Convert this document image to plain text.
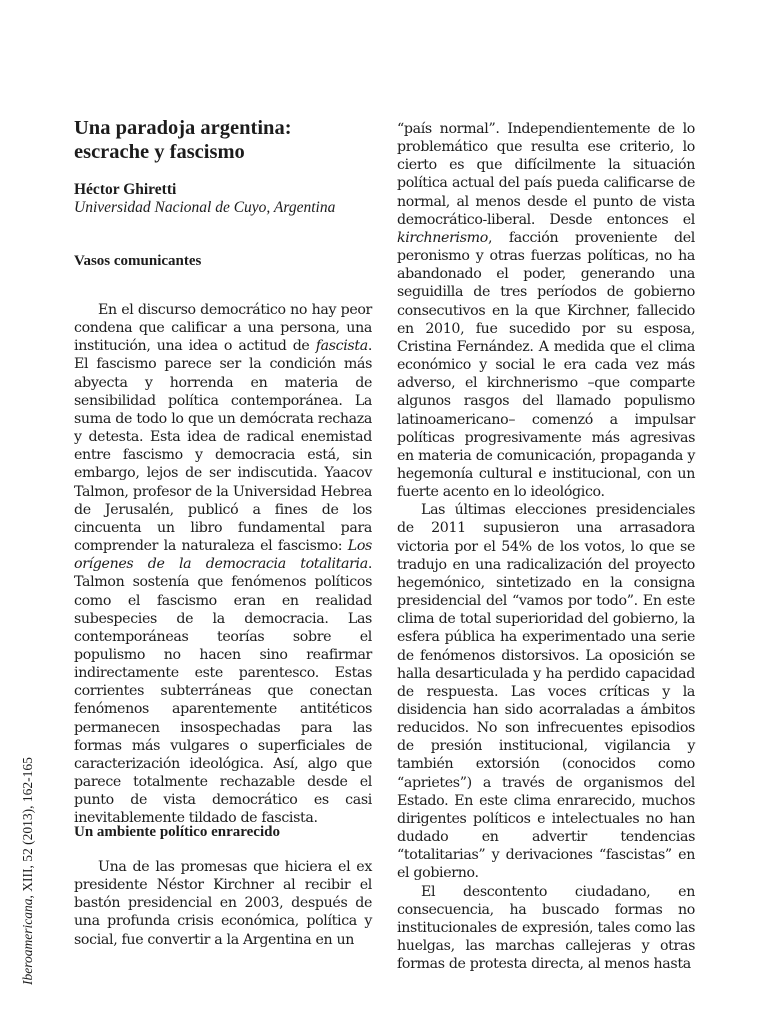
Una paradoja argentina:
escrache y fascismo
Héctor Ghiretti
Universidad Nacional de Cuyo, Argentina
Vasos comunicantes

En el discurso democrático no hay peor condena que calificar a una persona, una institución, una idea o actitud de fascista. El fascismo parece ser la condición más abyecta y horrenda en materia de sensibilidad política contemporánea. La suma de todo lo que un demócrata rechaza y detesta. Esta idea de radical enemistad entre fascismo y democracia está, sin embargo, lejos de ser indiscutida. Yaacov Talmon, profesor de la Universidad Hebrea de Jerusalén, publicó a fines de los cincuenta un libro fundamental para comprender la naturaleza el fascismo: Los orígenes de la democracia totalitaria. Talmon sostenía que fenómenos políticos como el fascismo eran en realidad subespecies de la democracia. Las contemporáneas teorías sobre el populismo no hacen sino reafirmar indirectamente este parentesco. Estas corrientes subterráneas que conectan fenómenos aparentemente antitéticos permanecen insospechadas para las formas más vulgares o superficiales de caracterización ideológica. Así, algo que parece totalmente rechazable desde el punto de vista democrático es casi inevitablemente tildado de fascista.

Un ambiente político enrarecido

Una de las promesas que hiciera el ex presidente Néstor Kirchner al recibir el bastón presidencial en 2003, después de una profunda crisis económica, política y social, fue convertir a la Argentina en un

“país normal”. Independientemente de lo problemático que resulta ese criterio, lo cierto es que difícilmente la situación política actual del país pueda calificarse de normal, al menos desde el punto de vista democrático-liberal. Desde entonces el kirchnerismo, facción proveniente del peronismo y otras fuerzas políticas, no ha abandonado el poder, generando una seguidilla de tres períodos de gobierno consecutivos en la que Kirchner, fallecido en 2010, fue sucedido por su esposa, Cristina Fernández. A medida que el clima económico y social le era cada vez más adverso, el kirchnerismo –que comparte algunos rasgos del llamado populismo latinoamericano– comenzó a impulsar políticas progresivamente más agresivas en materia de comunicación, propaganda y hegemonía cultural e institucional, con un fuerte acento en lo ideológico.

Las últimas elecciones presidenciales de 2011 supusieron una arrasadora victoria por el 54% de los votos, lo que se tradujo en una radicalización del proyecto hegemónico, sintetizado en la consigna presidencial del “vamos por todo”. En este clima de total superioridad del gobierno, la esfera pública ha experimentado una serie de fenómenos distorsivos. La oposición se halla desarticulada y ha perdido capacidad de respuesta. Las voces críticas y la disidencia han sido acorraladas a ámbitos reducidos. No son infrecuentes episodios de presión institucional, vigilancia y también extorsión (conocidos como “aprietes”) a través de organismos del Estado. En este clima enrarecido, muchos dirigentes políticos e intelectuales no han dudado en advertir tendencias “totalitarias” y derivaciones “fascistas” en el gobierno.

El descontento ciudadano, en consecuencia, ha buscado formas no institucionales de expresión, tales como las huelgas, las marchas callejeras y otras formas de protesta directa, al menos hasta

Iberoamericana, XIII, 52 (2013), 162-165
